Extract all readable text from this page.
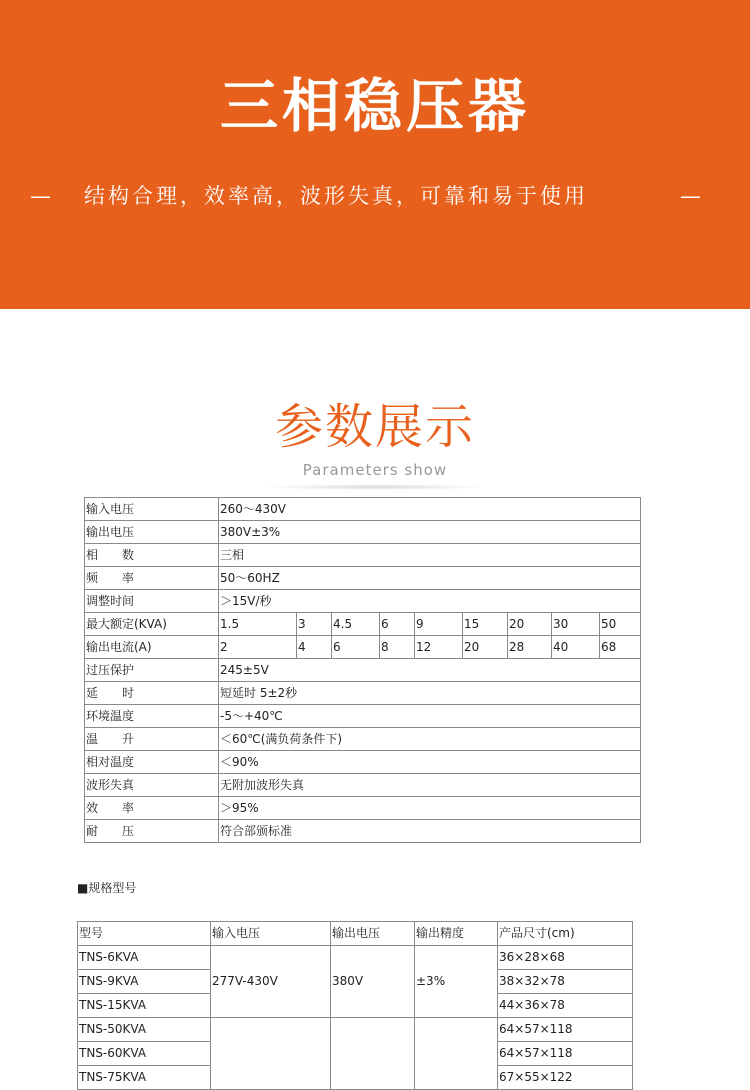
三相稳压器
— 结构合理，效率高，波形失真，可靠和易于使用	—
参数展示
Parameters show
输入电压	260～430V								
输出电压	380V±3%								
相　　数	三相								
频　　率	50～60HZ								
调整时间	＞15V/秒								
最大额定(KVA)	1.5	3	4.5	6	9	15	20	30	50
输出电流(A)	2	4	6	8	12	20	28	40	68
过压保护	245±5V								
延　　时	短延时 5±2秒								
环境温度	-5～+40℃								
温　　升	＜60℃(满负荷条件下)								
相对温度	＜90%								
波形失真	无附加波形失真								
效　　率	＞95%								
耐　　压	符合部颁标准								
■规格型号
型号	输入电压	输出电压	输出精度	产品尺寸(cm)
TNS-6KVA	277V-430V	380V	±3%	36×28×68
TNS-9KVA				38×32×78
TNS-15KVA				44×36×78
TNS-50KVA				64×57×118
TNS-60KVA				64×57×118
TNS-75KVA				67×55×122
